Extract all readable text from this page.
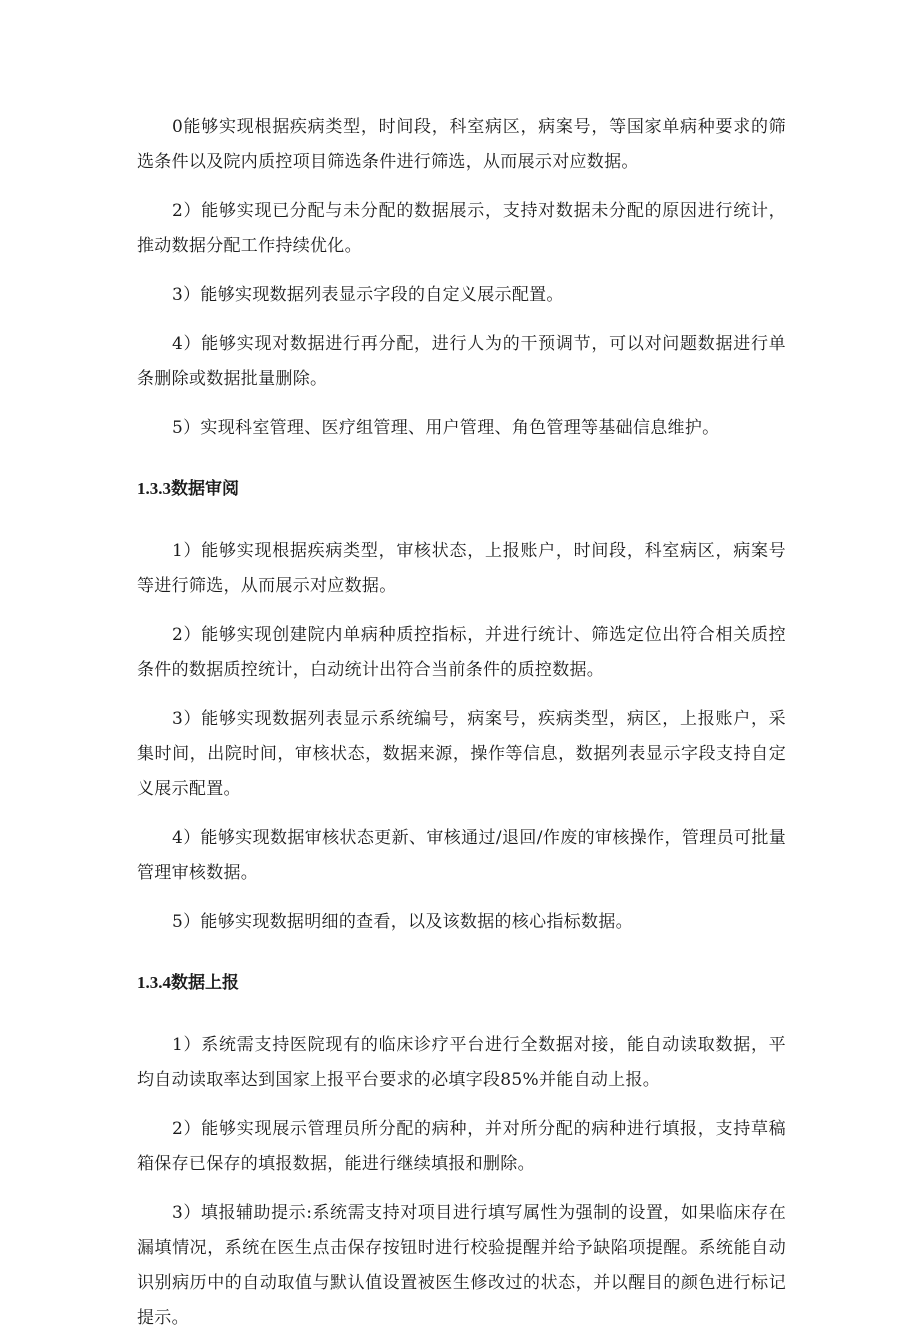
0能够实现根据疾病类型，时间段，科室病区，病案号，等国家单病种要求的筛选条件以及院内质控项目筛选条件进行筛选，从而展示对应数据。

2）能够实现已分配与未分配的数据展示，支持对数据未分配的原因进行统计，推动数据分配工作持续优化。

3）能够实现数据列表显示字段的自定义展示配置。

4）能够实现对数据进行再分配，进行人为的干预调节，可以对问题数据进行单条删除或数据批量删除。

5）实现科室管理、医疗组管理、用户管理、角色管理等基础信息维护。

1.3.3数据审阅

1）能够实现根据疾病类型，审核状态，上报账户，时间段，科室病区，病案号等进行筛选，从而展示对应数据。

2）能够实现创建院内单病种质控指标，并进行统计、筛选定位出符合相关质控条件的数据质控统计，白动统计出符合当前条件的质控数据。

3）能够实现数据列表显示系统编号，病案号，疾病类型，病区，上报账户，采集时间，出院时间，审核状态，数据来源，操作等信息，数据列表显示字段支持自定义展示配置。

4）能够实现数据审核状态更新、审核通过/退回/作废的审核操作，管理员可批量管理审核数据。

5）能够实现数据明细的查看，以及该数据的核心指标数据。

1.3.4数据上报

1）系统需支持医院现有的临床诊疗平台进行全数据对接，能自动读取数据，平均自动读取率达到国家上报平台要求的必填字段85%并能自动上报。

2）能够实现展示管理员所分配的病种，并对所分配的病种进行填报，支持草稿箱保存已保存的填报数据，能进行继续填报和删除。

3）填报辅助提示:系统需支持对项目进行填写属性为强制的设置，如果临床存在漏填情况，系统在医生点击保存按钮时进行校验提醒并给予缺陷项提醒。系统能自动识别病历中的自动取值与默认值设置被医生修改过的状态，并以醒目的颜色进行标记提示。
